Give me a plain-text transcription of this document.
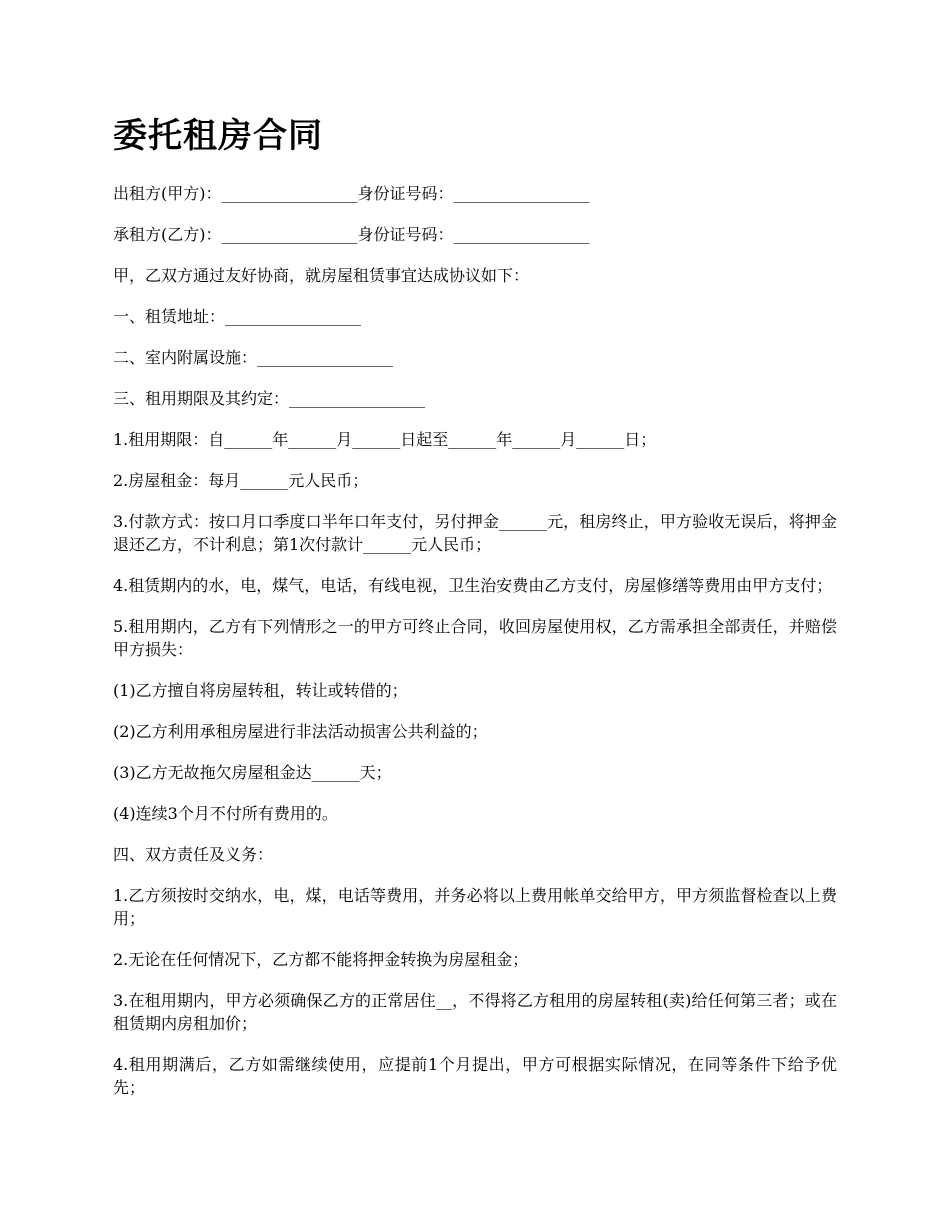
委托租房合同

出租方(甲方)：_________________身份证号码：_________________

承租方(乙方)：_________________身份证号码：_________________

甲，乙双方通过友好协商，就房屋租赁事宜达成协议如下：

一、租赁地址：_________________

二、室内附属设施：_________________

三、租用期限及其约定：_________________

1.租用期限：自______年______月______日起至______年______月______日；

2.房屋租金：每月______元人民币；

3.付款方式：按口月口季度口半年口年支付，另付押金______元，租房终止，甲方验收无误后，将押金退还乙方，不计利息；第1次付款计______元人民币；

4.租赁期内的水，电，煤气，电话，有线电视，卫生治安费由乙方支付，房屋修缮等费用由甲方支付；

5.租用期内，乙方有下列情形之一的甲方可终止合同，收回房屋使用权，乙方需承担全部责任，并赔偿甲方损失：

(1)乙方擅自将房屋转租，转让或转借的；

(2)乙方利用承租房屋进行非法活动损害公共利益的；

(3)乙方无故拖欠房屋租金达______天；

(4)连续3个月不付所有费用的。

四、双方责任及义务：

1.乙方须按时交纳水，电，煤，电话等费用，并务必将以上费用帐单交给甲方，甲方须监督检查以上费用；

2.无论在任何情况下，乙方都不能将押金转换为房屋租金；

3.在租用期内，甲方必须确保乙方的正常居住__，不得将乙方租用的房屋转租(卖)给任何第三者；或在租赁期内房租加价；

4.租用期满后，乙方如需继续使用，应提前1个月提出，甲方可根据实际情况，在同等条件下给予优先；
